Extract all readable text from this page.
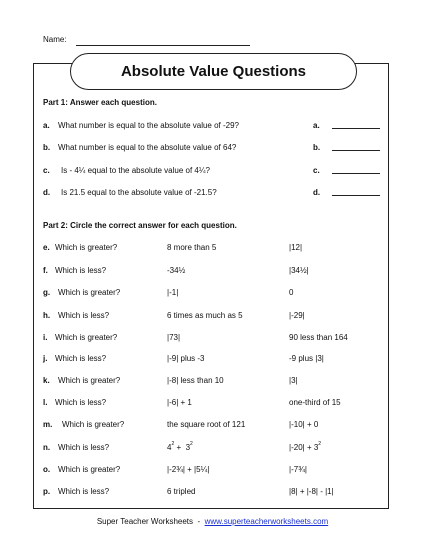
Name:
Absolute Value Questions
Part 1: Answer each question.
a. What number is equal to the absolute value of -29?	a.
b. What number is equal to the absolute value of 64?	b.
c. Is - 4¼ equal to the absolute value of 4¼?	c.
d. Is 21.5 equal to the absolute value of -21.5?	d.
Part 2: Circle the correct answer for each question.
e. Which is greater?	8 more than 5	|12|
f. Which is less?	-34½	|34½|
g. Which is greater?	|-1|	0
h. Which is less?	6 times as much as 5	|-29|
i. Which is greater?	|73|	90 less than 164
j. Which is less?	|-9| plus -3	-9 plus |3|
k. Which is greater?	|-8| less than 10	|3|
l. Which is less?	|-6| + 1	one-third of 15
m. Which is greater?	the square root of 121	|-10| + 0
n. Which is less?	$4^2 + 3^2$	$|-20| + 3^2$
o. Which is greater?	|-2¾| + |5¼|	|-7¾|
p. Which is less?	6 tripled	|8| + |-8| - |1|
Super Teacher Worksheets  -  www.superteacherworksheets.com
